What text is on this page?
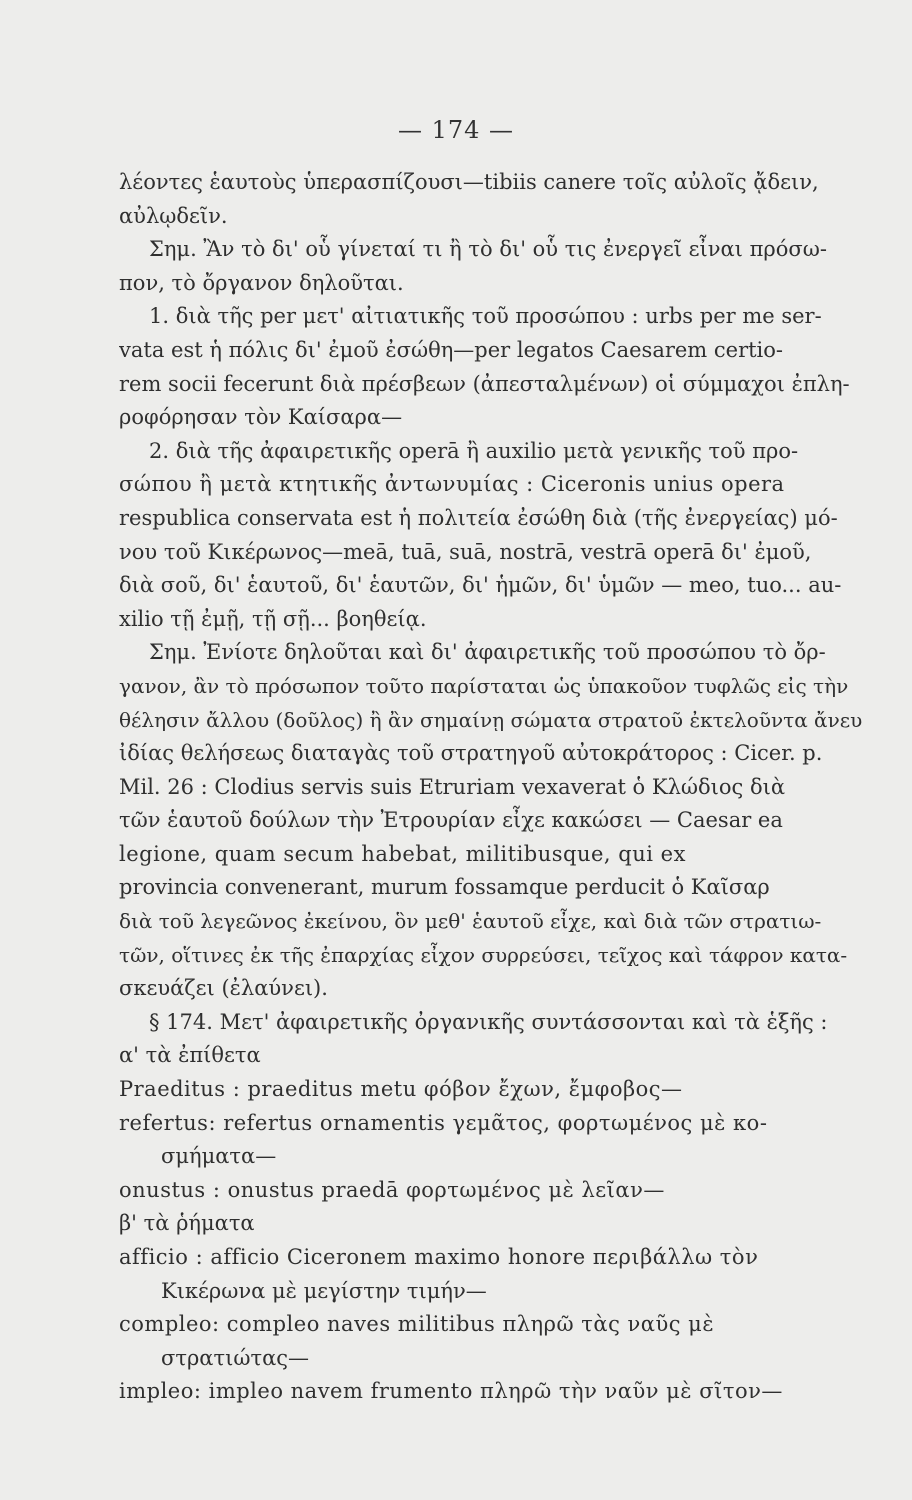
— 174 —
λέοντες ἑαυτοὺς ὑπερασπίζουσι—tibiis canere τοῖς αὐλοῖς ᾄδειν,
αὐλῳδεῖν.
Σημ. Ἂν τὸ δι' οὗ γίνεταί τι ἢ τὸ δι' οὗ τις ἐνεργεῖ εἶναι πρόσω-
πον, τὸ ὄργανον δηλοῦται.
1. διὰ τῆς per μετ' αἰτιατικῆς τοῦ προσώπου : urbs per me ser-
vata est ἡ πόλις δι' ἐμοῦ ἐσώθη—per legatos Caesarem certio-
rem socii fecerunt διὰ πρέσβεων (ἀπεσταλμένων) οἱ σύμμαχοι ἐπλη-
ροφόρησαν τὸν Καίσαρα—
2. διὰ τῆς ἀφαιρετικῆς operā ἢ auxilio μετὰ γενικῆς τοῦ προ-
σώπου ἢ μετὰ κτητικῆς ἀντωνυμίας : Ciceronis unius opera
respublica conservata est ἡ πολιτεία ἐσώθη διὰ (τῆς ἐνεργείας) μό-
νου τοῦ Κικέρωνος—meā, tuā, suā, nostrā, vestrā operā δι' ἐμοῦ,
διὰ σοῦ, δι' ἑαυτοῦ, δι' ἑαυτῶν, δι' ἡμῶν, δι' ὑμῶν — meo, tuo... au-
xilio τῇ ἐμῇ, τῇ σῇ... βοηθείᾳ.
Σημ. Ἐνίοτε δηλοῦται καὶ δι' ἀφαιρετικῆς τοῦ προσώπου τὸ ὄρ-
γανον, ἂν τὸ πρόσωπον τοῦτο παρίσταται ὡς ὑπακοῦον τυφλῶς εἰς τὴν
θέλησιν ἄλλου (δοῦλος) ἢ ἂν σημαίνῃ σώματα στρατοῦ ἐκτελοῦντα ἄνευ
ἰδίας θελήσεως διαταγὰς τοῦ στρατηγοῦ αὐτοκράτορος : Cicer. p.
Mil. 26 : Clodius servis suis Etruriam vexaverat ὁ Κλώδιος διὰ
τῶν ἑαυτοῦ δούλων τὴν Ἐτρουρίαν εἶχε κακώσει — Caesar ea
legione, quam secum habebat, militibusque, qui ex
provincia convenerant, murum fossamque perducit ὁ Καῖσαρ
διὰ τοῦ λεγεῶνος ἐκείνου, ὃν μεθ' ἑαυτοῦ εἶχε, καὶ διὰ τῶν στρατιω-
τῶν, οἵτινες ἐκ τῆς ἐπαρχίας εἶχον συρρεύσει, τεῖχος καὶ τάφρον κατα-
σκευάζει (ἐλαύνει).
§ 174. Μετ' ἀφαιρετικῆς ὀργανικῆς συντάσσονται καὶ τὰ ἑξῆς :
α' τὰ ἐπίθετα
Praeditus : praeditus metu φόβον ἔχων, ἔμφοβος—
refertus: refertus ornamentis γεμᾶτος, φορτωμένος μὲ κο-
σμήματα—
onustus : onustus praedā φορτωμένος μὲ λεῖαν—
β' τὰ ῥήματα
afficio : afficio Ciceronem maximo honore περιβάλλω τὸν
Κικέρωνα μὲ μεγίστην τιμήν—
compleo: compleo naves militibus πληρῶ τὰς ναῦς μὲ
στρατιώτας—
impleo: impleo navem frumento πληρῶ τὴν ναῦν μὲ σῖτον—
